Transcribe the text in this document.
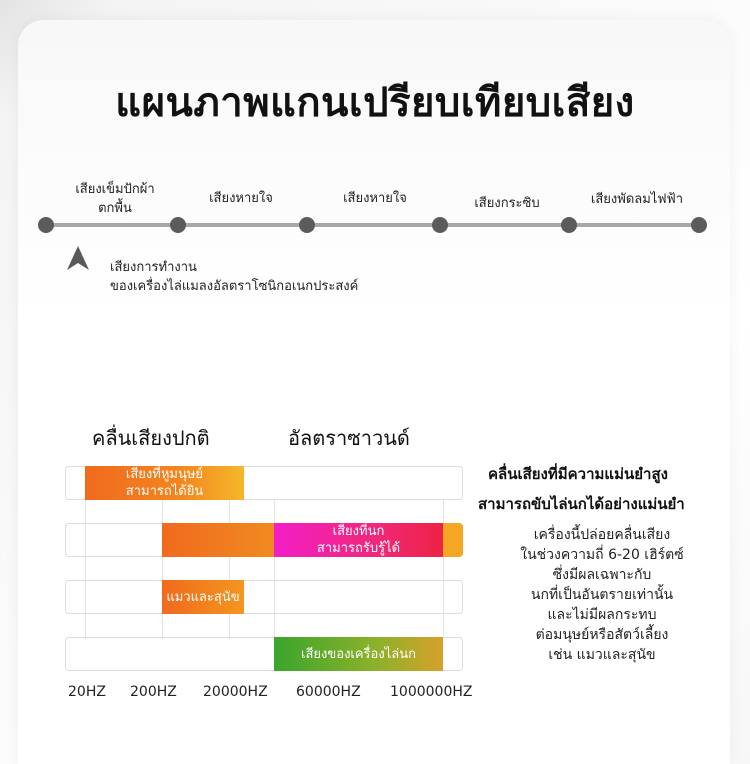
แผนภาพแกนเปรียบเทียบเสียง
เสียงเข็มปักผ้า
ตกพื้น
เสียงหายใจ	เสียงหายใจ	เสียงกระซิบ	เสียงพัดลมไฟฟ้า
เสียงการทำงาน
ของเครื่องไล่แมลงอัลตราโซนิกอเนกประสงค์
คลื่นเสียงปกติ	อัลตราซาวนด์
เสียงที่หูมนุษย์
สามารถได้ยิน
เสียงที่นก
สามารถรับรู้ได้
แมวและสุนัข
เสียงของเครื่องไล่นก
20HZ 200HZ 20000HZ 60000HZ 1000000HZ
คลื่นเสียงที่มีความแม่นยำสูง
สามารถขับไล่นกได้อย่างแม่นยำ
เครื่องนี้ปล่อยคลื่นเสียง
ในช่วงความถี่ 6-20 เฮิร์ตซ์
ซึ่งมีผลเฉพาะกับ
นกที่เป็นอันตรายเท่านั้น
และไม่มีผลกระทบ
ต่อมนุษย์หรือสัตว์เลี้ยง
เช่น แมวและสุนัข
